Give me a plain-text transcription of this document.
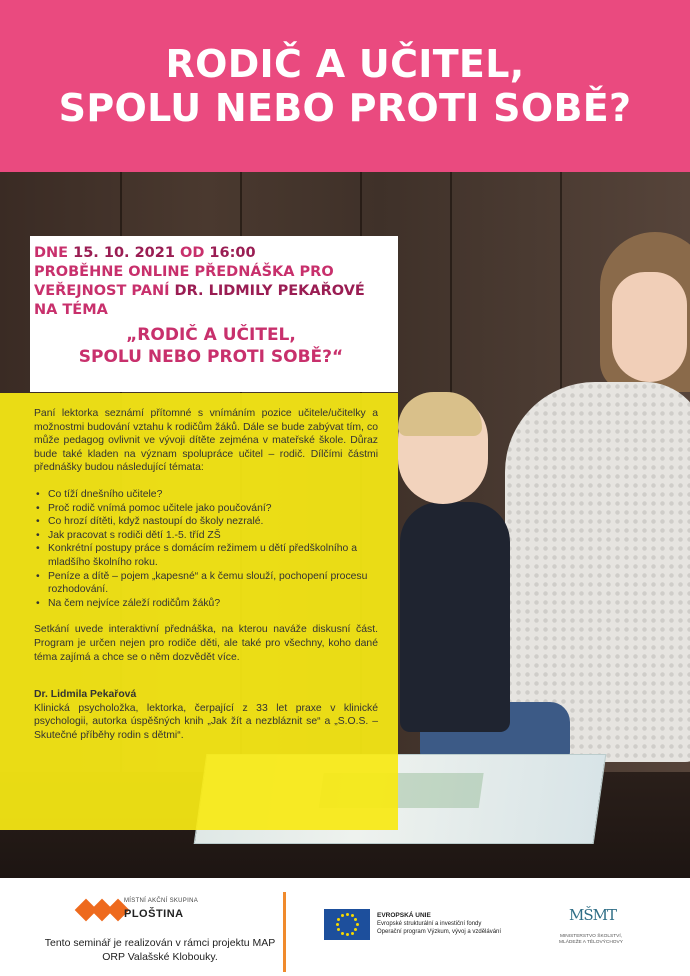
RODIČ A UČITEL,
SPOLU NEBO PROTI SOBĚ?

DNE 15. 10. 2021 OD 16:00

PROBĚHNE ONLINE PŘEDNÁŠKA PRO

VEŘEJNOST PANÍ DR. LIDMILY PEKAŘOVÉ

NA TÉMA

„RODIČ A UČITEL,
SPOLU NEBO PROTI SOBĚ?“

Paní lektorka seznámí přítomné s vnímáním pozice učitele/učitelky a možnostmi budování vztahu k rodičům žáků. Dále se bude zabývat tím, co může pedagog ovlivnit ve vývoji dítěte zejména v mateřské škole. Důraz bude také kladen na význam spolupráce učitel – rodič. Dílčími částmi přednášky budou následující témata:

• Co tíží dnešního učitele?
• Proč rodič vnímá pomoc učitele jako poučování?
• Co hrozí dítěti, když nastoupí do školy nezralé.
• Jak pracovat s rodiči dětí 1.-5. tříd ZŠ
• Konkrétní postupy práce s domácím režimem u dětí předškolního a mladšího školního roku.
• Peníze a dítě – pojem „kapesné“ a k čemu slouží, pochopení procesu rozhodování.
• Na čem nejvíce záleží rodičům žáků?

Setkání uvede interaktivní přednáška, na kterou naváže diskusní část. Program je určen nejen pro rodiče děti, ale také pro všechny, koho dané téma zajímá a chce se o něm dozvědět více.

Dr. Lidmila Pekařová

Klinická psycholožka, lektorka, čerpající z 33 let praxe v klinické psychologii, autorka úspěšných knih „Jak žít a nezbláznit se“ a „S.O.S. – Skutečné příběhy rodin s dětmi“.

MÍSTNÍ AKČNÍ SKUPINA
PLOŠTINA
Tento seminář je realizován v rámci projektu MAP ORP Valašské Klobouky.
EVROPSKÁ UNIE
Evropské strukturální a investiční fondy
Operační program Výzkum, vývoj a vzdělávání
MŠMT
MINISTERSTVO ŠKOLSTVÍ, MLÁDEŽE A TĚLOVÝCHOVY
